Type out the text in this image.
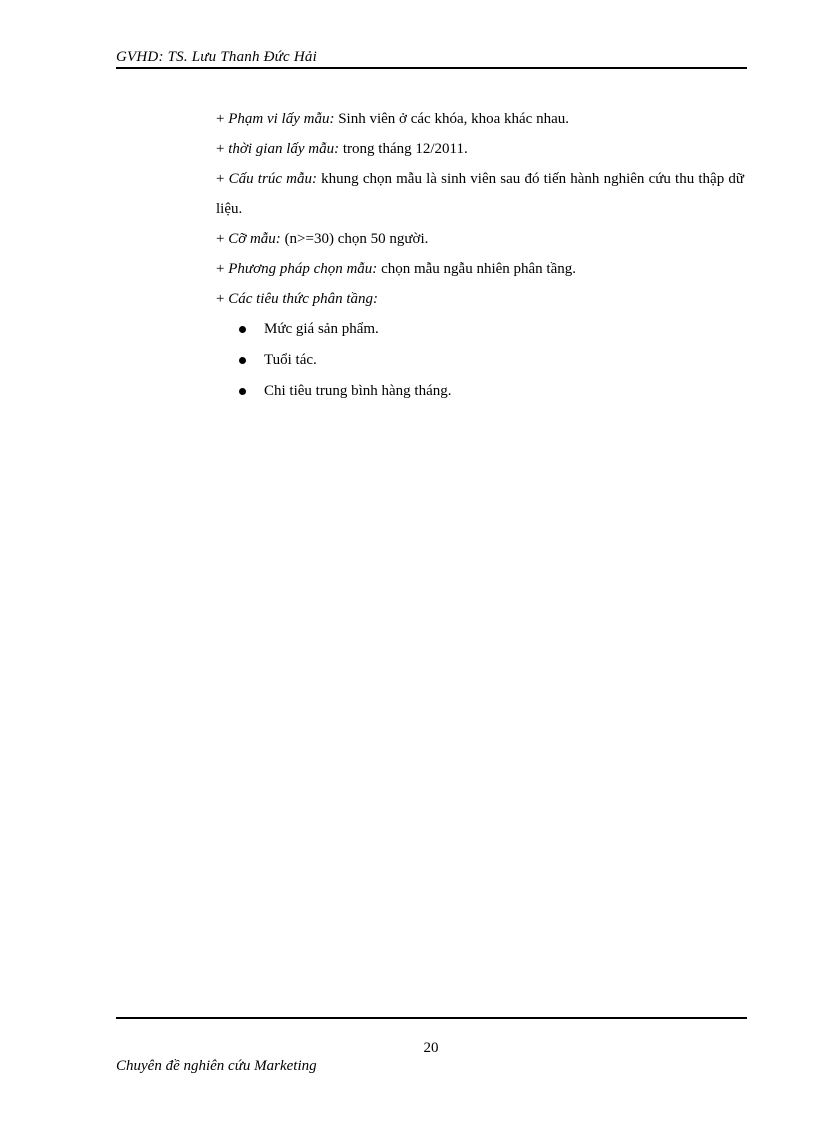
GVHD: TS. Lưu Thanh Đức Hải

+ Phạm vi lấy mẫu: Sinh viên ở các khóa, khoa khác nhau.

+ thời gian lấy mẫu: trong tháng 12/2011.

+ Cấu trúc mẫu: khung chọn mẫu là sinh viên sau đó tiến hành nghiên cứu thu thập dữ liệu.

+ Cỡ mẫu: (n>=30) chọn 50 người.

+ Phương pháp chọn mẫu: chọn mẫu ngẫu nhiên phân tầng.

+ Các tiêu thức phân tầng:

Mức giá sản phẩm.
Tuổi tác.
Chi tiêu trung bình hàng tháng.
20
Chuyên đề nghiên cứu Marketing
